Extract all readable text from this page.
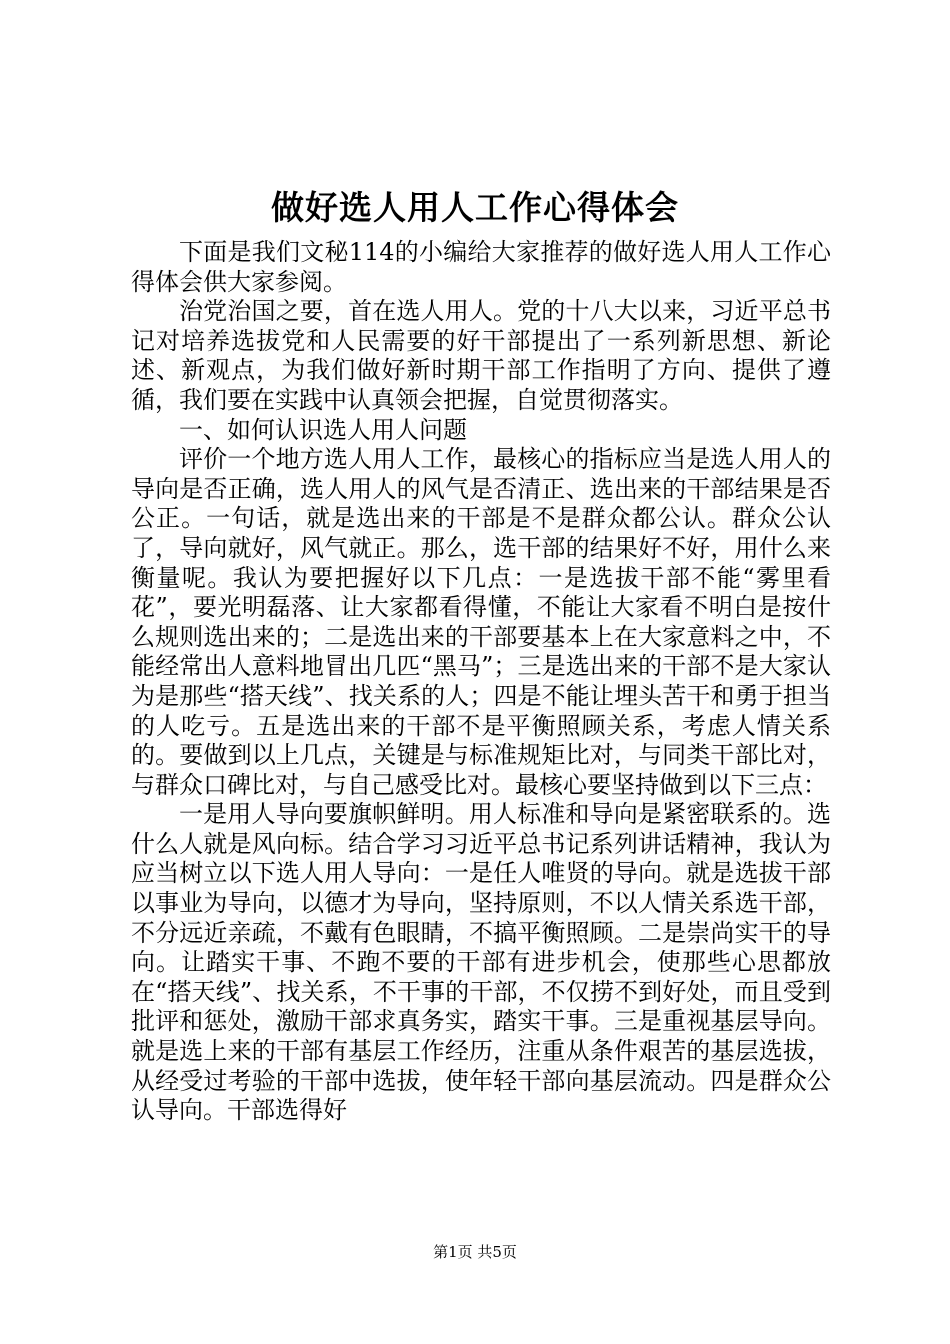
做好选人用人工作心得体会

下面是我们文秘114的小编给大家推荐的做好选人用人工作心得体会供大家参阅。

治党治国之要，首在选人用人。党的十八大以来，习近平总书记对培养选拔党和人民需要的好干部提出了一系列新思想、新论述、新观点，为我们做好新时期干部工作指明了方向、提供了遵循，我们要在实践中认真领会把握，自觉贯彻落实。

一、如何认识选人用人问题

评价一个地方选人用人工作，最核心的指标应当是选人用人的导向是否正确，选人用人的风气是否清正、选出来的干部结果是否公正。一句话，就是选出来的干部是不是群众都公认。群众公认了，导向就好，风气就正。那么，选干部的结果好不好，用什么来衡量呢。我认为要把握好以下几点：一是选拔干部不能“雾里看花”，要光明磊落、让大家都看得懂，不能让大家看不明白是按什么规则选出来的；二是选出来的干部要基本上在大家意料之中，不能经常出人意料地冒出几匹“黑马”；三是选出来的干部不是大家认为是那些“搭天线”、找关系的人；四是不能让埋头苦干和勇于担当的人吃亏。五是选出来的干部不是平衡照顾关系，考虑人情关系的。要做到以上几点，关键是与标准规矩比对，与同类干部比对，与群众口碑比对，与自己感受比对。最核心要坚持做到以下三点：

一是用人导向要旗帜鲜明。用人标准和导向是紧密联系的。选什么人就是风向标。结合学习习近平总书记系列讲话精神，我认为应当树立以下选人用人导向：一是任人唯贤的导向。就是选拔干部以事业为导向，以德才为导向，坚持原则，不以人情关系选干部，不分远近亲疏，不戴有色眼睛，不搞平衡照顾。二是崇尚实干的导向。让踏实干事、不跑不要的干部有进步机会，使那些心思都放在“搭天线”、找关系，不干事的干部，不仅捞不到好处，而且受到批评和惩处，激励干部求真务实，踏实干事。三是重视基层导向。就是选上来的干部有基层工作经历，注重从条件艰苦的基层选拔，从经受过考验的干部中选拔，使年轻干部向基层流动。四是群众公认导向。干部选得好

第1页 共5页
